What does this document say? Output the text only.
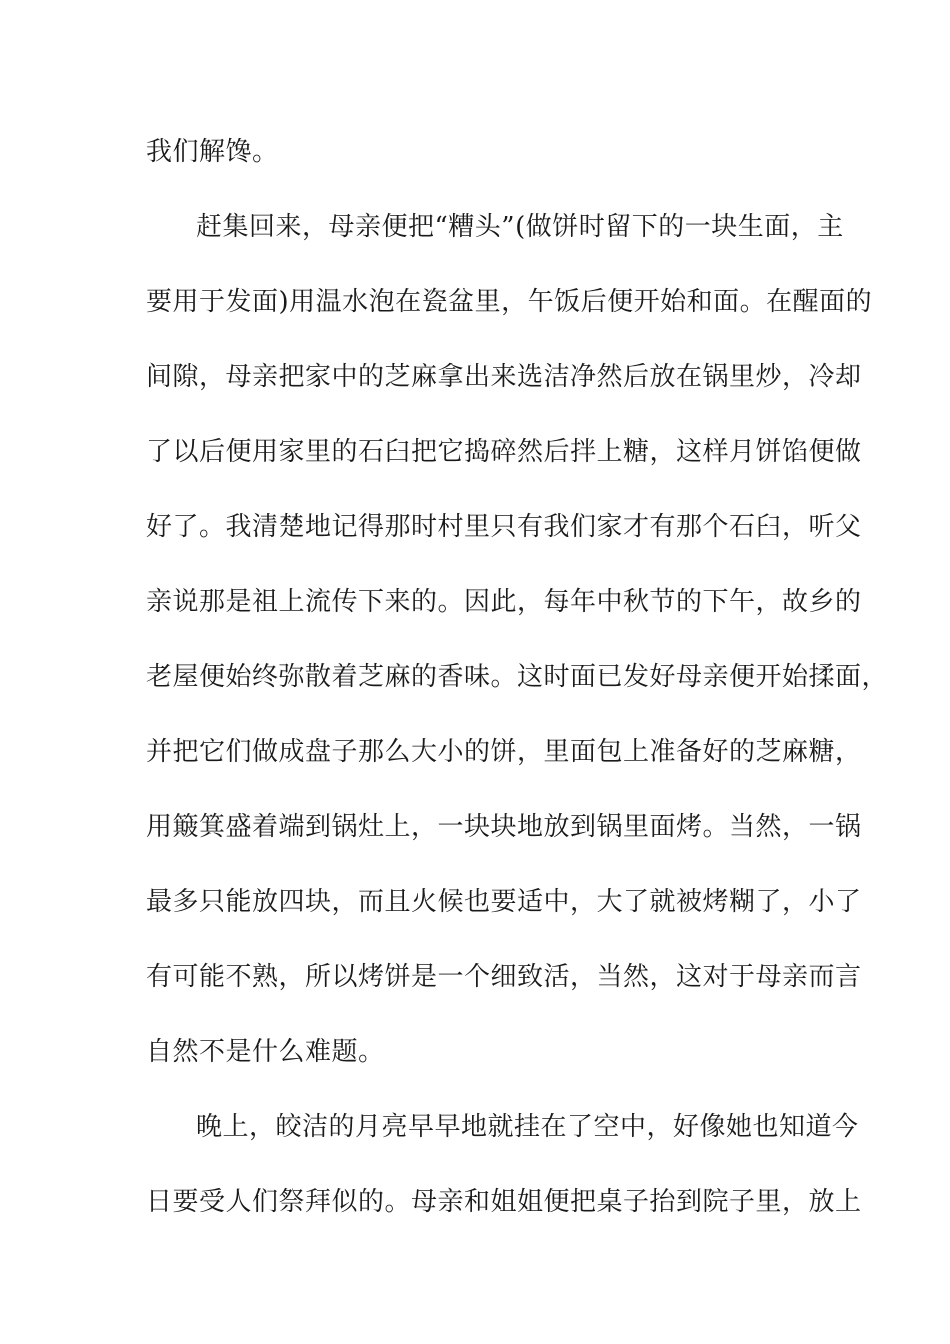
我们解馋。
赶集回来，母亲便把“糟头”(做饼时留下的一块生面，主
要用于发面)用温水泡在瓷盆里，午饭后便开始和面。在醒面的
间隙，母亲把家中的芝麻拿出来选洁净然后放在锅里炒，冷却
了以后便用家里的石臼把它捣碎然后拌上糖，这样月饼馅便做
好了。我清楚地记得那时村里只有我们家才有那个石臼，听父
亲说那是祖上流传下来的。因此，每年中秋节的下午，故乡的
老屋便始终弥散着芝麻的香味。这时面已发好母亲便开始揉面，
并把它们做成盘子那么大小的饼，里面包上准备好的芝麻糖，
用簸箕盛着端到锅灶上，一块块地放到锅里面烤。当然，一锅
最多只能放四块，而且火候也要适中，大了就被烤糊了，小了
有可能不熟，所以烤饼是一个细致活，当然，这对于母亲而言
自然不是什么难题。
晚上，皎洁的月亮早早地就挂在了空中，好像她也知道今
日要受人们祭拜似的。母亲和姐姐便把桌子抬到院子里，放上
